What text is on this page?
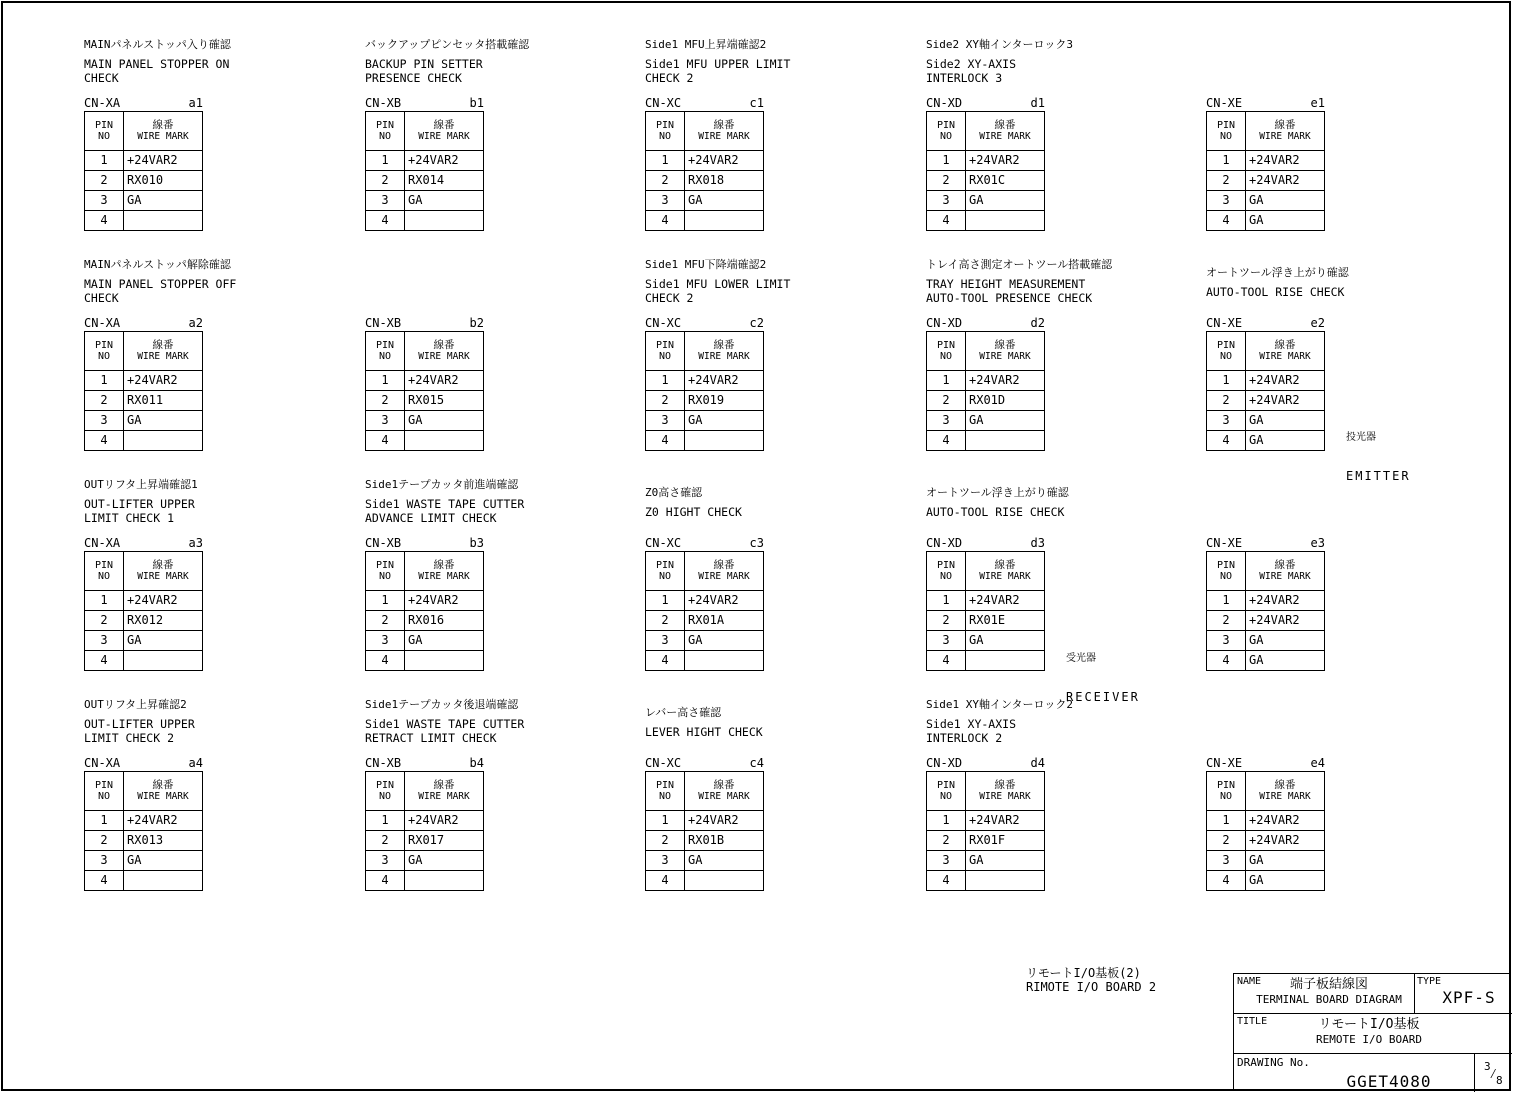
MAINパネルストッパ入り確認
MAIN PANEL STOPPER ON
CHECK
CN-XA	a1
PIN
NO	線番
WIRE MARK

1	+24VAR2
2	RX010
3	GA
4	
バックアップピンセッタ搭載確認
BACKUP PIN SETTER
PRESENCE CHECK
CN-XB	b1
PIN
NO	線番
WIRE MARK

1	+24VAR2
2	RX014
3	GA
4	
Side1 MFU上昇端確認2
Side1 MFU UPPER LIMIT
CHECK 2
CN-XC	c1
PIN
NO	線番
WIRE MARK

1	+24VAR2
2	RX018
3	GA
4	
Side2 XY軸インターロック3
Side2 XY-AXIS
INTERLOCK 3
CN-XD	d1
PIN
NO	線番
WIRE MARK

1	+24VAR2
2	RX01C
3	GA
4	
CN-XE	e1
PIN
NO	線番
WIRE MARK

1	+24VAR2
2	+24VAR2
3	GA
4	GA
MAINパネルストッパ解除確認
MAIN PANEL STOPPER OFF
CHECK
CN-XA	a2
PIN
NO	線番
WIRE MARK

1	+24VAR2
2	RX011
3	GA
4	
CN-XB	b2
PIN
NO	線番
WIRE MARK

1	+24VAR2
2	RX015
3	GA
4	
Side1 MFU下降端確認2
Side1 MFU LOWER LIMIT
CHECK 2
CN-XC	c2
PIN
NO	線番
WIRE MARK

1	+24VAR2
2	RX019
3	GA
4	
トレイ高さ測定オートツール搭載確認
TRAY HEIGHT MEASUREMENT
AUTO-TOOL PRESENCE CHECK
CN-XD	d2
PIN
NO	線番
WIRE MARK

1	+24VAR2
2	RX01D
3	GA
4	
オートツール浮き上がり確認
AUTO-TOOL RISE CHECK
CN-XE	e2
PIN
NO	線番
WIRE MARK

1	+24VAR2
2	+24VAR2
3	GA
4	GA
OUTリフタ上昇端確認1
OUT-LIFTER UPPER
LIMIT CHECK 1
CN-XA	a3
PIN
NO	線番
WIRE MARK

1	+24VAR2
2	RX012
3	GA
4	
Side1テープカッタ前進端確認
Side1 WASTE TAPE CUTTER
ADVANCE LIMIT CHECK
CN-XB	b3
PIN
NO	線番
WIRE MARK

1	+24VAR2
2	RX016
3	GA
4	
Z0高さ確認
Z0 HIGHT CHECK
CN-XC	c3
PIN
NO	線番
WIRE MARK

1	+24VAR2
2	RX01A
3	GA
4	
オートツール浮き上がり確認
AUTO-TOOL RISE CHECK
CN-XD	d3
PIN
NO	線番
WIRE MARK

1	+24VAR2
2	RX01E
3	GA
4	
CN-XE	e3
PIN
NO	線番
WIRE MARK

1	+24VAR2
2	+24VAR2
3	GA
4	GA
OUTリフタ上昇確認2
OUT-LIFTER UPPER
LIMIT CHECK 2
CN-XA	a4
PIN
NO	線番
WIRE MARK

1	+24VAR2
2	RX013
3	GA
4	
Side1テープカッタ後退端確認
Side1 WASTE TAPE CUTTER
RETRACT LIMIT CHECK
CN-XB	b4
PIN
NO	線番
WIRE MARK

1	+24VAR2
2	RX017
3	GA
4	
レバー高さ確認
LEVER HIGHT CHECK
CN-XC	c4
PIN
NO	線番
WIRE MARK

1	+24VAR2
2	RX01B
3	GA
4	
Side1 XY軸インターロック2
Side1 XY-AXIS
INTERLOCK 2
CN-XD	d4
PIN
NO	線番
WIRE MARK

1	+24VAR2
2	RX01F
3	GA
4	
CN-XE	e4
PIN
NO	線番
WIRE MARK

1	+24VAR2
2	+24VAR2
3	GA
4	GA

投光器

EMITTER

受光器

RECEIVER

リモートI/O基板(2)
RIMOTE I/O BOARD 2	NAME	端子板結線図
TERMINAL BOARD DIAGRAM
TYPE
XPF-S
TITLE	リモートI/O基板
REMOTE I/O BOARD
DRAWING No.
GGET4080
3
⁄
8
